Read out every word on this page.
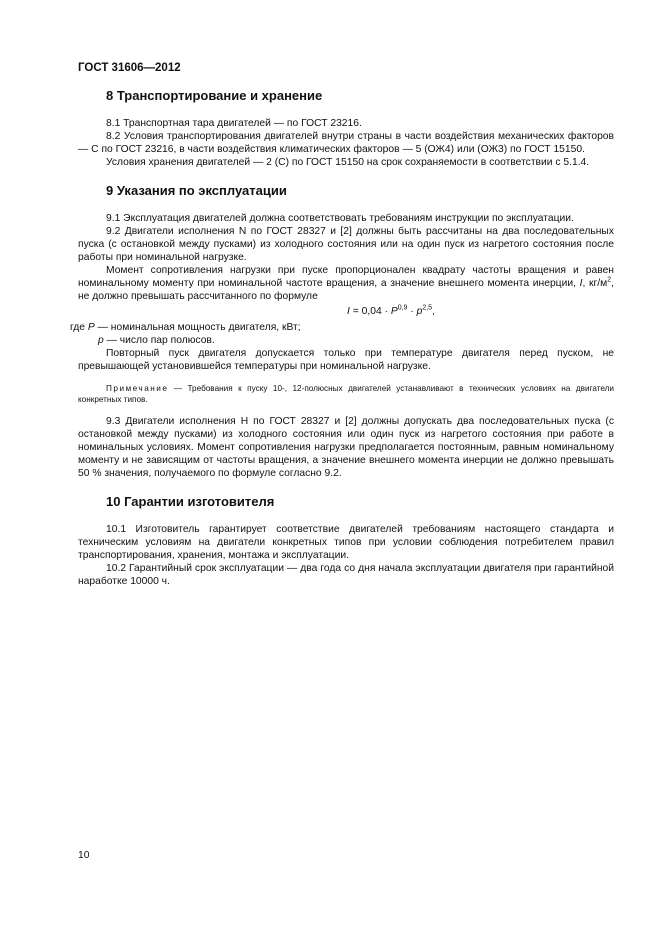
ГОСТ 31606—2012
8 Транспортирование и хранение

8.1 Транспортная тара двигателей — по ГОСТ 23216.

8.2 Условия транспортирования двигателей внутри страны в части воздействия механических факторов — С по ГОСТ 23216, в части воздействия климатических факторов — 5 (ОЖ4) или (ОЖ3) по ГОСТ 15150.

Условия хранения двигателей — 2 (С) по ГОСТ 15150 на срок сохраняемости в соответствии с 5.1.4.

9 Указания по эксплуатации

9.1 Эксплуатация двигателей должна соответствовать требованиям инструкции по эксплуатации.

9.2 Двигатели исполнения N по ГОСТ 28327 и [2] должны быть рассчитаны на два последовательных пуска (с остановкой между пусками) из холодного состояния или на один пуск из нагретого состояния после работы при номинальной нагрузке.

Момент сопротивления нагрузки при пуске пропорционален квадрату частоты вращения и равен номинальному моменту при номинальной частоте вращения, а значение внешнего момента инерции, I, $кг/м^2$, не должно превышать рассчитанного по формуле

$I = 0,04 \cdot P^{0,9} \cdot p^{2,5}$,

где P — номинальная мощность двигателя, кВт;

p — число пар полюсов.

Повторный пуск двигателя допускается только при температуре двигателя перед пуском, не превышающей установившейся температуры при номинальной нагрузке.

Примечание — Требования к пуску 10-, 12-полюсных двигателей устанавливают в технических условиях на двигатели конкретных типов.

9.3 Двигатели исполнения Н по ГОСТ 28327 и [2] должны допускать два последовательных пуска (с остановкой между пусками) из холодного состояния или один пуск из нагретого состояния при работе в номинальных условиях. Момент сопротивления нагрузки предполагается постоянным, равным номинальному моменту и не зависящим от частоты вращения, а значение внешнего момента инерции не должно превышать 50 % значения, получаемого по формуле согласно 9.2.

10 Гарантии изготовителя

10.1 Изготовитель гарантирует соответствие двигателей требованиям настоящего стандарта и техническим условиям на двигатели конкретных типов при условии соблюдения потребителем правил транспортирования, хранения, монтажа и эксплуатации.

10.2 Гарантийный срок эксплуатации — два года со дня начала эксплуатации двигателя при гарантийной наработке 10000 ч.

10
